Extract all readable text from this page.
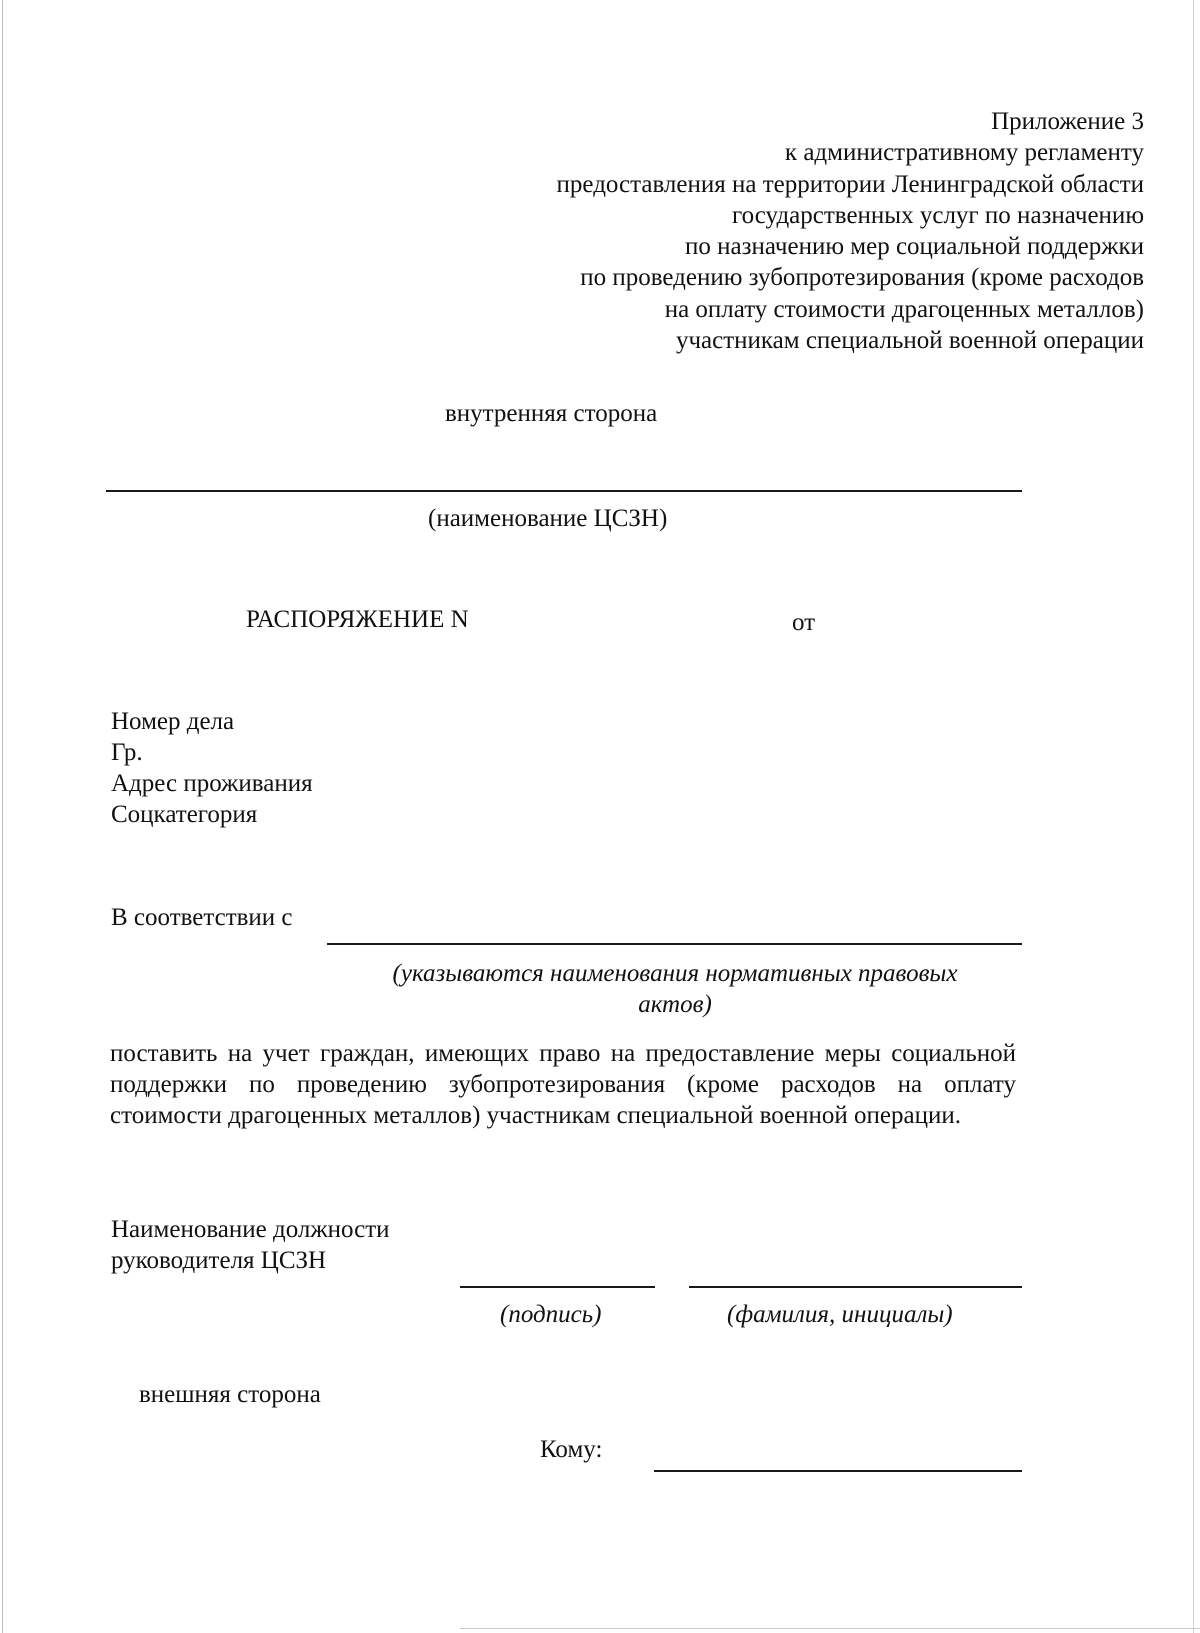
Приложение 3
к административному регламенту
предоставления на территории Ленинградской области
государственных услуг по назначению
по назначению мер социальной поддержки
по проведению зубопротезирования (кроме расходов
на оплату стоимости драгоценных металлов)
участникам специальной военной операции
внутренняя сторона
(наименование ЦСЗН)
РАСПОРЯЖЕНИЕ N	от
Номер дела
Гр.
Адрес проживания
Соцкатегория
В соответствии с
(указываются наименования нормативных правовых
актов)
поставить на учет граждан, имеющих право на предоставление меры социальной поддержки по проведению зубопротезирования (кроме расходов на оплату стоимости драгоценных металлов) участникам специальной военной операции.
Наименование должности
руководителя ЦСЗН
(подпись)	(фамилия, инициалы)
внешняя сторона
Кому:
